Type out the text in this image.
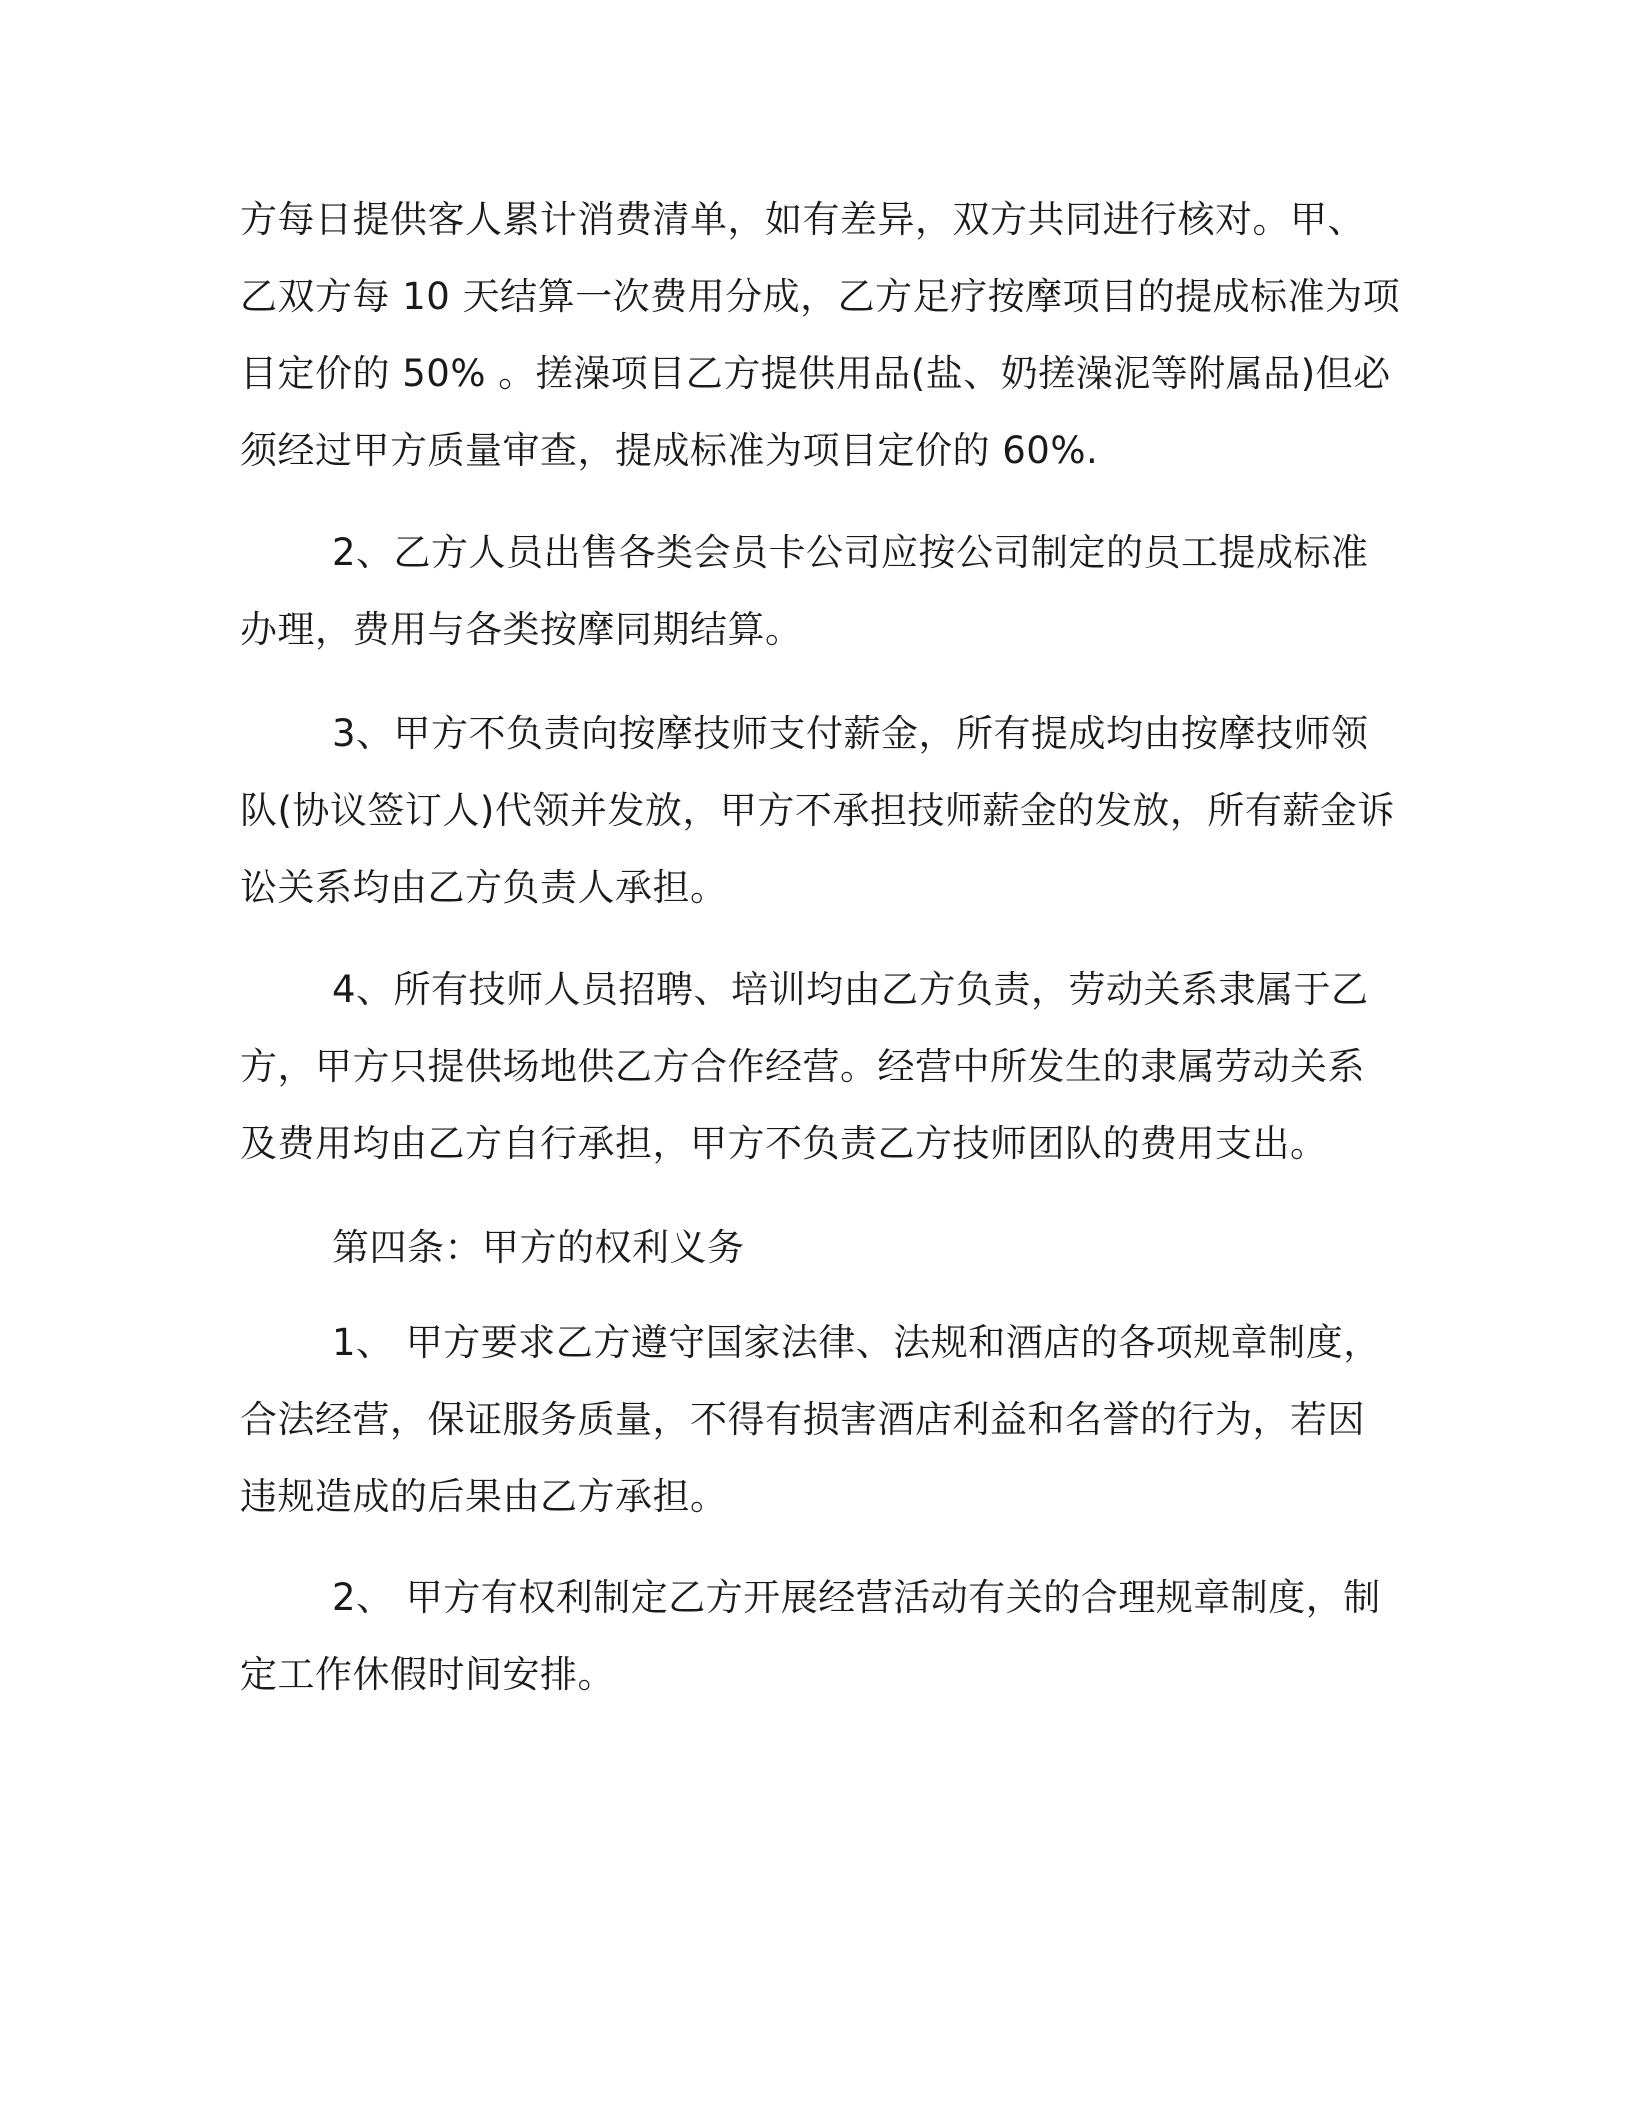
方每日提供客人累计消费清单，如有差异，双方共同进行核对。甲、
乙双方每 10 天结算一次费用分成，乙方足疗按摩项目的提成标准为项
目定价的 50% 。搓澡项目乙方提供用品(盐、奶搓澡泥等附属品)但必
须经过甲方质量审查，提成标准为项目定价的 60%.
2、乙方人员出售各类会员卡公司应按公司制定的员工提成标准
办理，费用与各类按摩同期结算。
3、甲方不负责向按摩技师支付薪金，所有提成均由按摩技师领
队(协议签订人)代领并发放，甲方不承担技师薪金的发放，所有薪金诉
讼关系均由乙方负责人承担。
4、所有技师人员招聘、培训均由乙方负责，劳动关系隶属于乙
方，甲方只提供场地供乙方合作经营。经营中所发生的隶属劳动关系
及费用均由乙方自行承担，甲方不负责乙方技师团队的费用支出。
第四条：甲方的权利义务
1、 甲方要求乙方遵守国家法律、法规和酒店的各项规章制度，
合法经营，保证服务质量，不得有损害酒店利益和名誉的行为，若因
违规造成的后果由乙方承担。
2、 甲方有权利制定乙方开展经营活动有关的合理规章制度，制
定工作休假时间安排。
